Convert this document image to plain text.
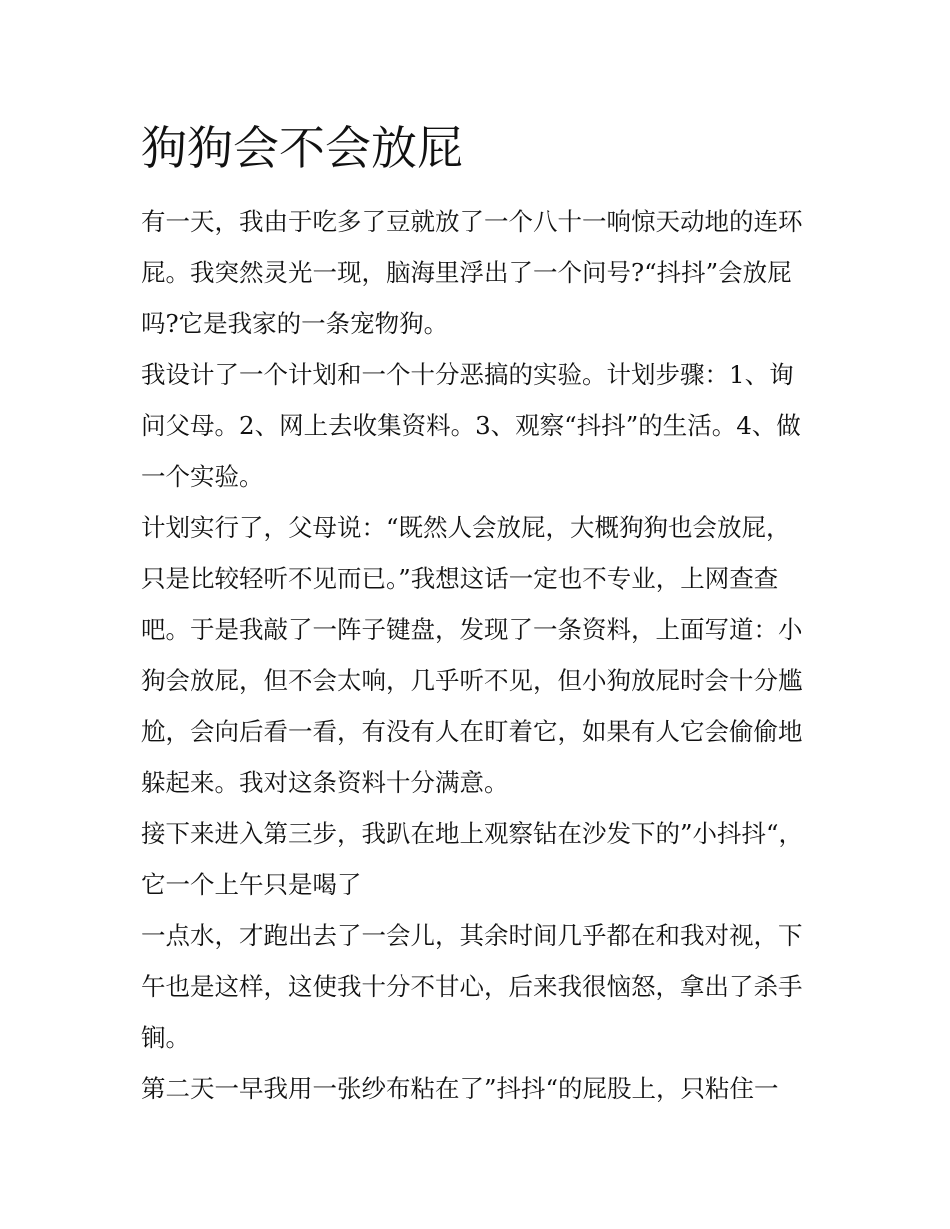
狗狗会不会放屁
有一天，我由于吃多了豆就放了一个八十一响惊天动地的连环
屁。我突然灵光一现，脑海里浮出了一个问号?“抖抖”会放屁
吗?它是我家的一条宠物狗。
我设计了一个计划和一个十分恶搞的实验。计划步骤：1、询
问父母。2、网上去收集资料。3、观察“抖抖”的生活。4、做
一个实验。
计划实行了，父母说：“既然人会放屁，大概狗狗也会放屁，
只是比较轻听不见而已。”我想这话一定也不专业，上网查查
吧。于是我敲了一阵子键盘，发现了一条资料，上面写道：小
狗会放屁，但不会太响，几乎听不见，但小狗放屁时会十分尴
尬，会向后看一看，有没有人在盯着它，如果有人它会偷偷地
躲起来。我对这条资料十分满意。
接下来进入第三步，我趴在地上观察钻在沙发下的”小抖抖“，
它一个上午只是喝了
一点水，才跑出去了一会儿，其余时间几乎都在和我对视，下
午也是这样，这使我十分不甘心，后来我很恼怒，拿出了杀手
锏。
第二天一早我用一张纱布粘在了”抖抖“的屁股上，只粘住一
